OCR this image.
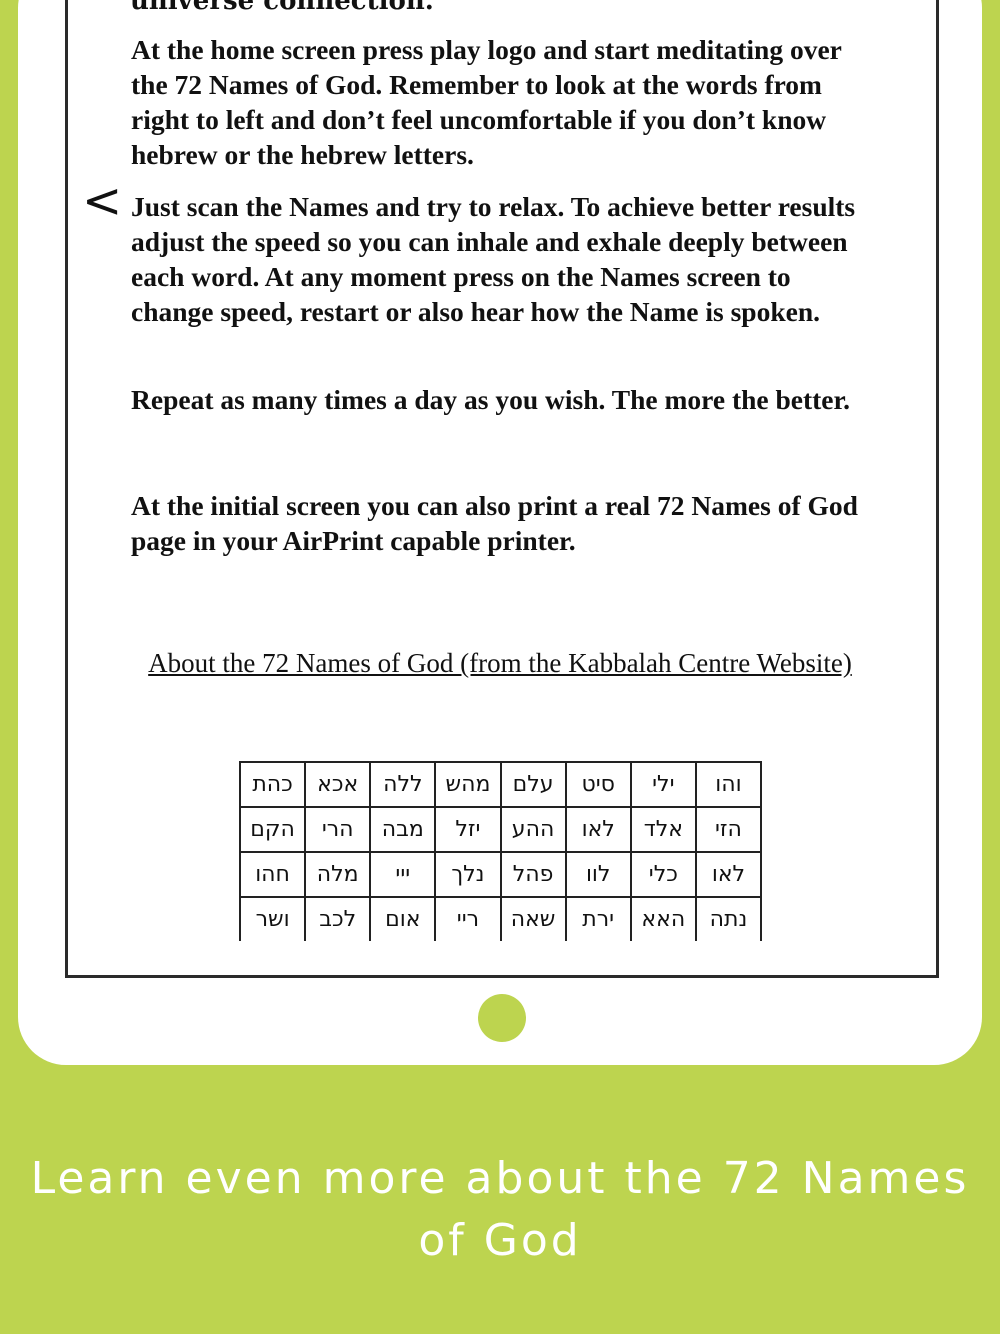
At the home screen press play logo and start meditating over the 72 Names of God. Remember to look at the words from right to left and don’t feel uncomfortable if you don’t know hebrew or the hebrew letters.

< Just scan the Names and try to relax. To achieve better results adjust the speed so you can inhale and exhale deeply between each word. At any moment press on the Names screen to change speed, restart or also hear how the Name is spoken.

Repeat as many times a day as you wish. The more the better.

At the initial screen you can also print a real 72 Names of God page in your AirPrint capable printer.

About the 72 Names of God (from the Kabbalah Centre Website)

כהת	אכא	ללה	מהש	עלם	סיט	ילי	והו
הקם	הרי	מבה	יזל	ההע	לאו	אלד	הזי
חהו	מלה	ייי	נלך	פהל	לוו	כלי	לאו
ושר	לכב	אום	ריי	שאה	ירת	האא	נתה

Learn even more about the 72 Names of God
